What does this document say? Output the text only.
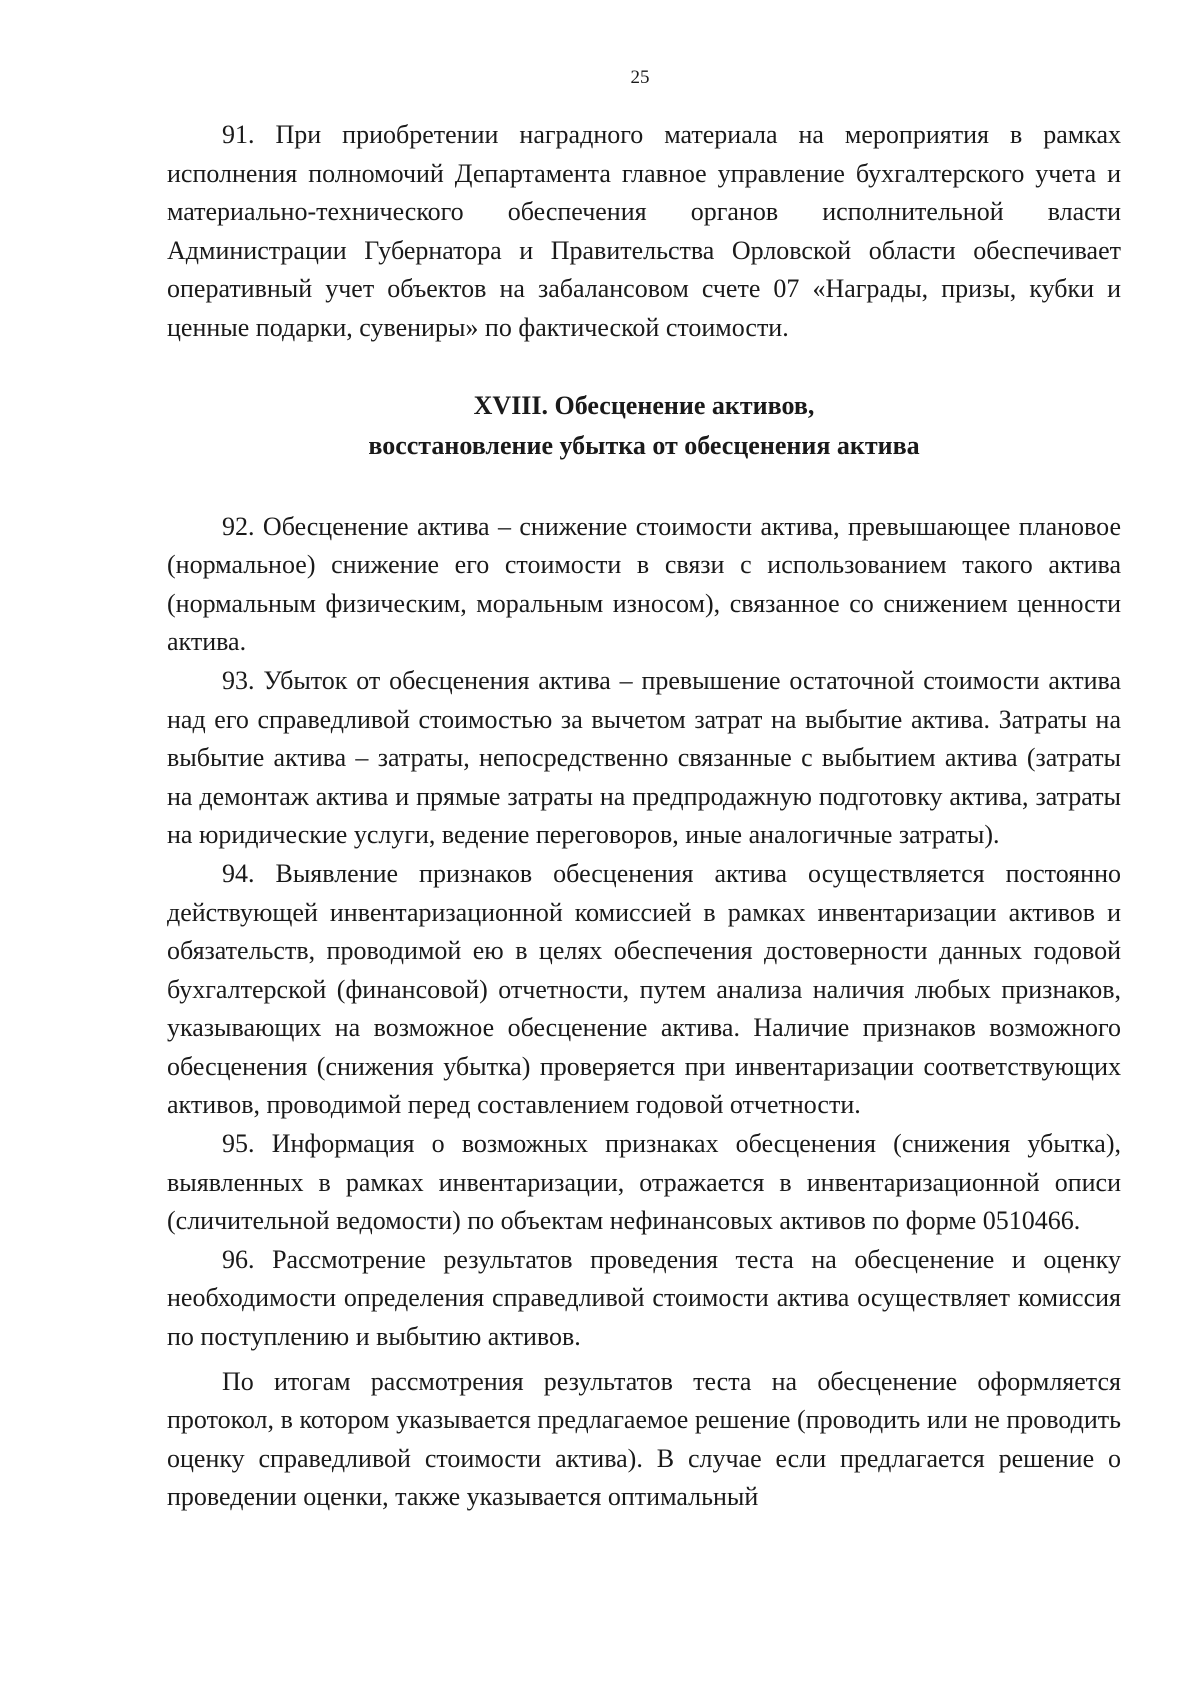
25

91. При приобретении наградного материала на мероприятия в рамках исполнения полномочий Департамента главное управление бухгалтерского учета и материально-технического обеспечения органов исполнительной власти Администрации Губернатора и Правительства Орловской области обеспечивает оперативный учет объектов на забалансовом счете 07 «Награды, призы, кубки и ценные подарки, сувениры» по фактической стоимости.

XVIII. Обесценение активов,
восстановление убытка от обесценения актива

92. Обесценение актива – снижение стоимости актива, превышающее плановое (нормальное) снижение его стоимости в связи с использованием такого актива (нормальным физическим, моральным износом), связанное со снижением ценности актива.

93. Убыток от обесценения актива – превышение остаточной стоимости актива над его справедливой стоимостью за вычетом затрат на выбытие актива. Затраты на выбытие актива – затраты, непосредственно связанные с выбытием актива (затраты на демонтаж актива и прямые затраты на предпродажную подготовку актива, затраты на юридические услуги, ведение переговоров, иные аналогичные затраты).

94. Выявление признаков обесценения актива осуществляется постоянно действующей инвентаризационной комиссией в рамках инвентаризации активов и обязательств, проводимой ею в целях обеспечения достоверности данных годовой бухгалтерской (финансовой) отчетности, путем анализа наличия любых признаков, указывающих на возможное обесценение актива. Наличие признаков возможного обесценения (снижения убытка) проверяется при инвентаризации соответствующих активов, проводимой перед составлением годовой отчетности.

95. Информация о возможных признаках обесценения (снижения убытка), выявленных в рамках инвентаризации, отражается в инвентаризационной описи (сличительной ведомости) по объектам нефинансовых активов по форме 0510466.

96. Рассмотрение результатов проведения теста на обесценение и оценку необходимости определения справедливой стоимости актива осуществляет комиссия по поступлению и выбытию активов.

По итогам рассмотрения результатов теста на обесценение оформляется протокол, в котором указывается предлагаемое решение (проводить или не проводить оценку справедливой стоимости актива). В случае если предлагается решение о проведении оценки, также указывается оптимальный
